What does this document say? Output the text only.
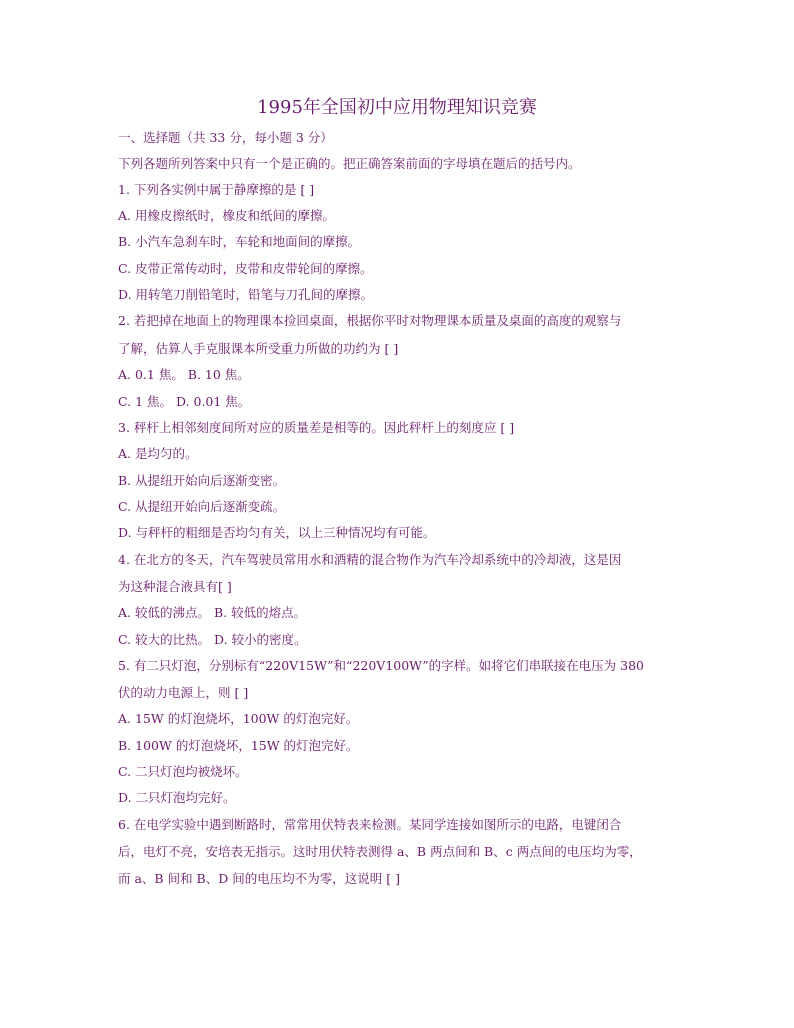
1995年全国初中应用物理知识竞赛
一、选择题（共 33 分，每小题 3 分）
下列各题所列答案中只有一个是正确的。把正确答案前面的字母填在题后的括号内。
1. 下列各实例中属于静摩擦的是 [ ]
A. 用橡皮擦纸时，橡皮和纸间的摩擦。
B. 小汽车急刹车时，车轮和地面间的摩擦。
C. 皮带正常传动时，皮带和皮带轮间的摩擦。
D. 用转笔刀削铅笔时，铅笔与刀孔间的摩擦。
2. 若把掉在地面上的物理课本捡回桌面，根据你平时对物理课本质量及桌面的高度的观察与
了解，估算人手克服课本所受重力所做的功约为 [ ]
A. 0.1 焦。 B. 10 焦。
C. 1 焦。 D. 0.01 焦。
3. 秤杆上相邻刻度间所对应的质量差是相等的。因此秤杆上的刻度应 [ ]
A. 是均匀的。
B. 从提纽开始向后逐渐变密。
C. 从提纽开始向后逐渐变疏。
D. 与秤杆的粗细是否均匀有关，以上三种情况均有可能。
4. 在北方的冬天，汽车驾驶员常用水和酒精的混合物作为汽车冷却系统中的冷却液，这是因
为这种混合液具有[ ]
A. 较低的沸点。 B. 较低的熔点。
C. 较大的比热。 D. 较小的密度。
5. 有二只灯泡，分别标有“220V15W”和“220V100W”的字样。如将它们串联接在电压为 380
伏的动力电源上，则 [ ]
A. 15W 的灯泡烧坏，100W 的灯泡完好。
B. 100W 的灯泡烧坏，15W 的灯泡完好。
C. 二只灯泡均被烧坏。
D. 二只灯泡均完好。
6. 在电学实验中遇到断路时，常常用伏特表来检测。某同学连接如图所示的电路，电键闭合
后，电灯不亮，安培表无指示。这时用伏特表测得 a、B 两点间和 B、c 两点间的电压均为零，
而 a、B 间和 B、D 间的电压均不为零，这说明 [ ]
